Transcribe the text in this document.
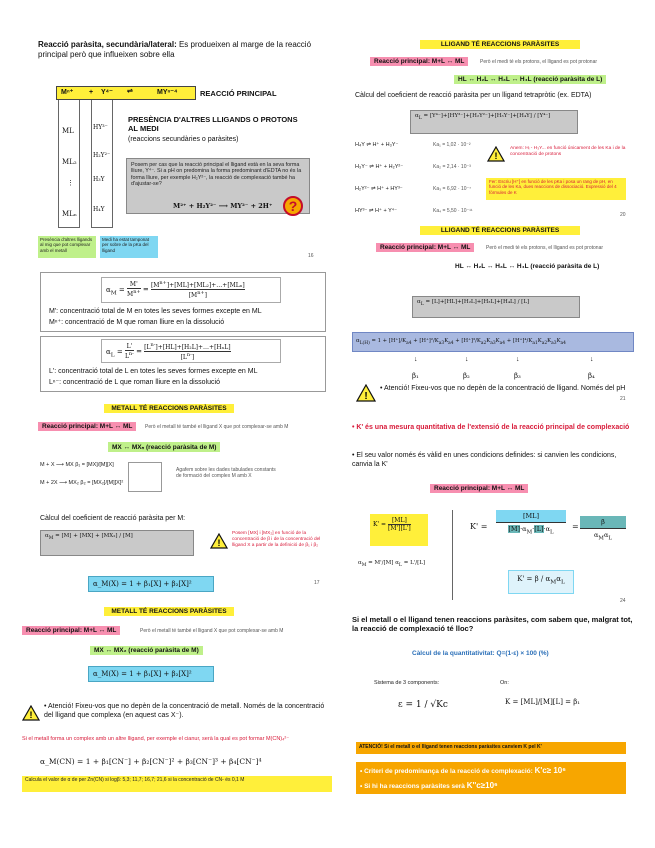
Reacció paràsita, secundària/lateral: Es produeixen al marge de la reacció principal però que influeixen sobre ella
Mⁿ⁺ + Y⁴⁻ ⇌	MYⁿ⁻⁴	REACCIÓ PRINCIPAL
ML
ML₂
⋮
MLₙ
HY³⁻
H₂Y²⁻
H₃Y
H₄Y
PRESÈNCIA D'ALTRES LLIGANDS O PROTONS AL MEDI
(reaccions secundàries o paràsites)
Posem per cas que la reacció principal el lligand està en la seva forma lliure, Y⁴⁻. Si a pH on predomina la forma predominant d'EDTA no és la forma lliure, per exemple H₂Y²⁻, la reacció de complexació també ha d'ajustar-se?
M²⁺ + H₂Y²⁻ ⟶ MY²⁻ + 2H⁺	?
Presència d'altres lligands al mig que pot complexar amb el metall
Medi ha estat tamponat per sobre de la pKa del lligand
16
$\alpha_M = \frac{M'}{M^{n+}} = \frac{[M^{n+}]+[ML]+[ML_2]+\dots+[ML_n]}{[M^{n+}]}$
M': concentració total de M en totes les seves formes excepte en ML
Mⁿ⁺: concentració de M que roman lliure en la dissolució
$\alpha_L = \frac{L'}{L^{n-}} = \frac{[L^{n-}]+[HL]+[H_2L]+\dots+[H_nL]}{[L^{n-}]}$
L': concentració total de L en totes les seves formes excepte en ML
Lⁿ⁻: concentració de L que roman lliure en la dissolució
METALL TÉ REACCIONS PARÀSITES
Reacció principal: M+L ↔ ML	Però el metall té també el lligand X que pot complexar-se amb M
MX ↔ MXₙ (reacció paràsita de M)
M + X ⟶ MX β₁ = [MX]/[M][X]
M + 2X ⟶ MX₂ β₂ = [MX₂]/[M][X]²
Agafem sobre les dades tabulades constants de formació del complex M amb X
Càlcul del coeficient de reacció paràsita per M:
$\alpha_M = [M] + [MX] + [MX_2] / [M]$
!
Posem [MX] i [MX₂] en funció de la concentració de β i de la concentració del lligand X a partir de la definició de β₁ i β₂
α_M(X) = 1 + β₁[X] + β₂[X]²	17
METALL TÉ REACCIONS PARÀSITES
Reacció principal: M+L ↔ ML	Però el metall té també el lligand X que pot complexar-se amb M
MX ↔ MX₂ (reacció paràsita de M)
α_M(X) = 1 + β₁[X] + β₂[X]²
!
• Atenció! Fixeu-vos que no depèn de la concentració de metall. Només de la concentració del lligand que complexa (en aquest cas X⁻).
Si el metall forma un complex amb un altre lligand, per exemple el cianur, serà la qual es pot formar M(CN)₄²⁻
α_M(CN) = 1 + β₁[CN⁻] + β₂[CN⁻]² + β₃[CN⁻]³ + β₄[CN⁻]⁴
Calcula el valor de α de per Zn(CN) si logβ: 5,3; 11,7; 16,7; 21,6 si la concentració de CN- és 0,1 M
LLIGAND TÉ REACCIONS PARÀSITES
Reacció principal: M+L ↔ ML	Però el medi té els protons, el lligand es pot protonar
HL ↔ H₂L ↔ H₃L ↔ H₄L (reacció paràsita de L)
Càlcul del coeficient de reacció paràsita per un lligand tetrapròtic (ex. EDTA)
$\alpha_L = [Y^{4-}]+[HY^{3-}]+[H_2Y^{2-}]+[H_3Y^-]+[H_4Y] / [Y^{4-}]$
H₄Y ⇌ H⁺ + H₃Y⁻	Ka₁ = 1,02 · 10⁻²
H₃Y⁻ ⇌ H⁺ + H₂Y²⁻	Ka₂ = 2,14 · 10⁻³
H₂Y²⁻ ⇌ H⁺ + HY³⁻	Ka₃ = 6,92 · 10⁻⁷
HY³⁻ ⇌ H⁺ + Y⁴⁻	Ka₄ = 5,50 · 10⁻¹¹
!
Anem: Hᵢ - H₃Y... en funció únicament de les Ka i de la concentració de protons
Fer: Escriu [H⁺] en funció de les pKa i posa un rang de pH, en funció de les Ka, dues reaccions de dissociació. Expressió del 4 fórmules de K
20
LLIGAND TÉ REACCIONS PARÀSITES
Reacció principal: M+L ↔ ML	Però el medi té els protons, el lligand es pot protonar
HL ↔ H₂L ↔ H₃L ↔ H₄L (reacció paràsita de L)
$\alpha_L = [L]+[HL]+[H_2L]+[H_3L]+[H_4L] / [L]$
$\alpha_{L(H)} = 1 + [H^+]/K_{a4} + [H^+]^2/K_{a3}K_{a4} + [H^+]^3/K_{a2}K_{a3}K_{a4} + [H^+]^4/K_{a1}K_{a2}K_{a3}K_{a4}$
↓	↓	↓	↓
β₁	β₂	β₃	β₄
!
• Atenció! Fixeu-vos que no depèn de la concentració de lligand. Només del pH
21
• K' és una mesura quantitativa de l'extensió de la reacció principal de complexació
• El seu valor només és vàlid en unes condicions definides: si canvien les condicions, canvia la K'
Reacció principal: M+L ↔ ML
$K' = \frac{[ML]}{[M'][L']}$
$\alpha_M = M'/[M] \alpha_L = L'/[L]$
K' =
[ML]
$[M]\cdot\alpha_M$ $[L]\cdot\alpha_L$
=	β
$\alpha_M\alpha_L$
$K' = \beta / \alpha_M\alpha_L$
24
Si el metall o el lligand tenen reaccions paràsites, com sabem que, malgrat tot, la reacció de complexació té lloc?
Càlcul de la quantitativitat: Q=(1-ε) × 100 (%)
Sistema de 3 components:	On:
ε = 1 / √Kc	K = [ML]/[M][L] = β₁
ATENCIÓ! Si el metall o el lligand tenen reaccions paràsites canviem K pel K'
• Criteri de predominança de la reacció de complexació: K'c≥ 10⁶
• Si hi ha reaccions paràsites serà K''c≥10⁶
